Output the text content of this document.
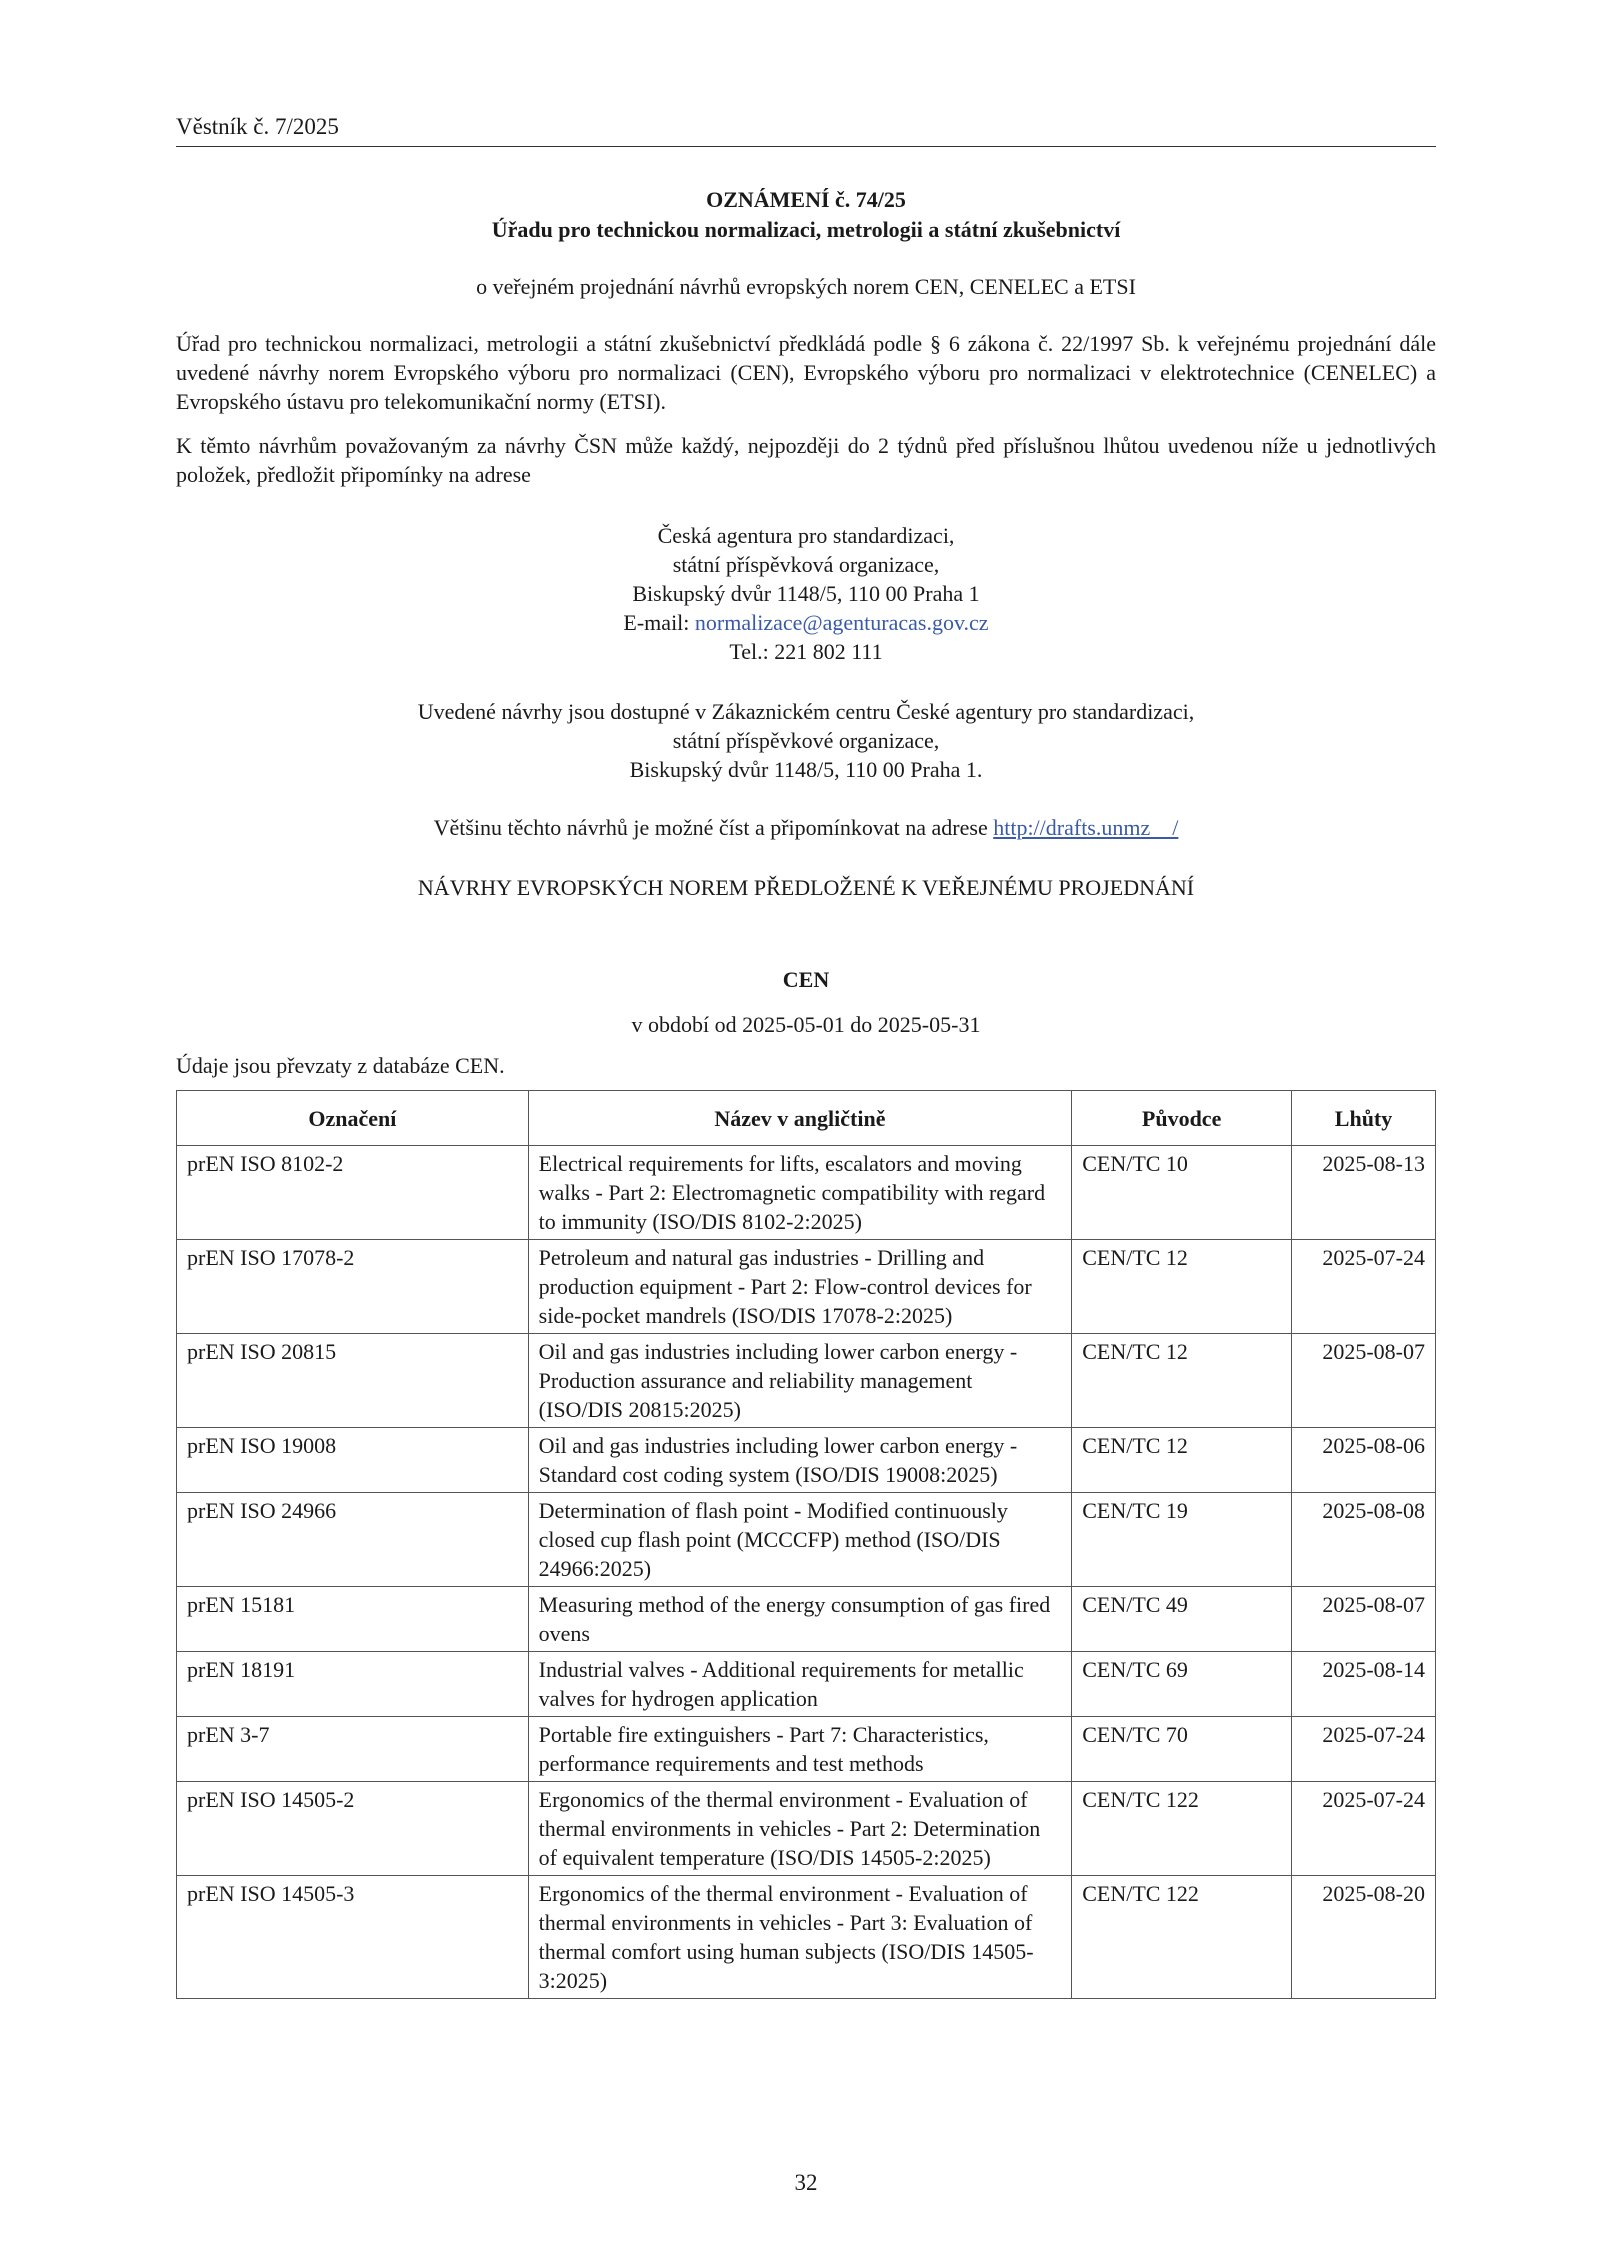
Věstník č. 7/2025
OZNÁMENÍ č. 74/25
Úřadu pro technickou normalizaci, metrologii a státní zkušebnictví
o veřejném projednání návrhů evropských norem CEN, CENELEC a ETSI
Úřad pro technickou normalizaci, metrologii a státní zkušebnictví předkládá podle § 6 zákona č. 22/1997 Sb. k veřejnému projednání dále uvedené návrhy norem Evropského výboru pro normalizaci (CEN), Evropského výboru pro normalizaci v elektrotechnice (CENELEC) a Evropského ústavu pro telekomunikační normy (ETSI).
K těmto návrhům považovaným za návrhy ČSN může každý, nejpozději do 2 týdnů před příslušnou lhůtou uvedenou níže u jednotlivých položek, předložit připomínky na adrese
Česká agentura pro standardizaci,
státní příspěvková organizace,
Biskupský dvůr 1148/5, 110 00 Praha 1
E-mail: normalizace@agenturacas.gov.cz
Tel.: 221 802 111
Uvedené návrhy jsou dostupné v Zákaznickém centru České agentury pro standardizaci,
státní příspěvkové organizace,
Biskupský dvůr 1148/5, 110 00 Praha 1.
Většinu těchto návrhů je možné číst a připomínkovat na adrese http://drafts.unmz    /
NÁVRHY EVROPSKÝCH NOREM PŘEDLOŽENÉ K VEŘEJNÉMU PROJEDNÁNÍ
CEN
v období od 2025-05-01 do 2025-05-31
Údaje jsou převzaty z databáze CEN.
Označení	Název v angličtině	Původce	Lhůty
prEN ISO 8102-2	Electrical requirements for lifts, escalators and moving walks - Part 2: Electromagnetic compatibility with regard to immunity (ISO/DIS 8102-2:2025)	CEN/TC 10	2025-08-13
prEN ISO 17078-2	Petroleum and natural gas industries - Drilling and production equipment - Part 2: Flow-control devices for side-pocket mandrels (ISO/DIS 17078-2:2025)	CEN/TC 12	2025-07-24
prEN ISO 20815	Oil and gas industries including lower carbon energy - Production assurance and reliability management (ISO/DIS 20815:2025)	CEN/TC 12	2025-08-07
prEN ISO 19008	Oil and gas industries including lower carbon energy - Standard cost coding system (ISO/DIS 19008:2025)	CEN/TC 12	2025-08-06
prEN ISO 24966	Determination of flash point - Modified continuously closed cup flash point (MCCCFP) method (ISO/DIS 24966:2025)	CEN/TC 19	2025-08-08
prEN 15181	Measuring method of the energy consumption of gas fired ovens	CEN/TC 49	2025-08-07
prEN 18191	Industrial valves - Additional requirements for metallic valves for hydrogen application	CEN/TC 69	2025-08-14
prEN 3-7	Portable fire extinguishers - Part 7: Characteristics, performance requirements and test methods	CEN/TC 70	2025-07-24
prEN ISO 14505-2	Ergonomics of the thermal environment - Evaluation of thermal environments in vehicles - Part 2: Determination of equivalent temperature (ISO/DIS 14505-2:2025)	CEN/TC 122	2025-07-24
prEN ISO 14505-3	Ergonomics of the thermal environment - Evaluation of thermal environments in vehicles - Part 3: Evaluation of thermal comfort using human subjects (ISO/DIS 14505-3:2025)	CEN/TC 122	2025-08-20
32
